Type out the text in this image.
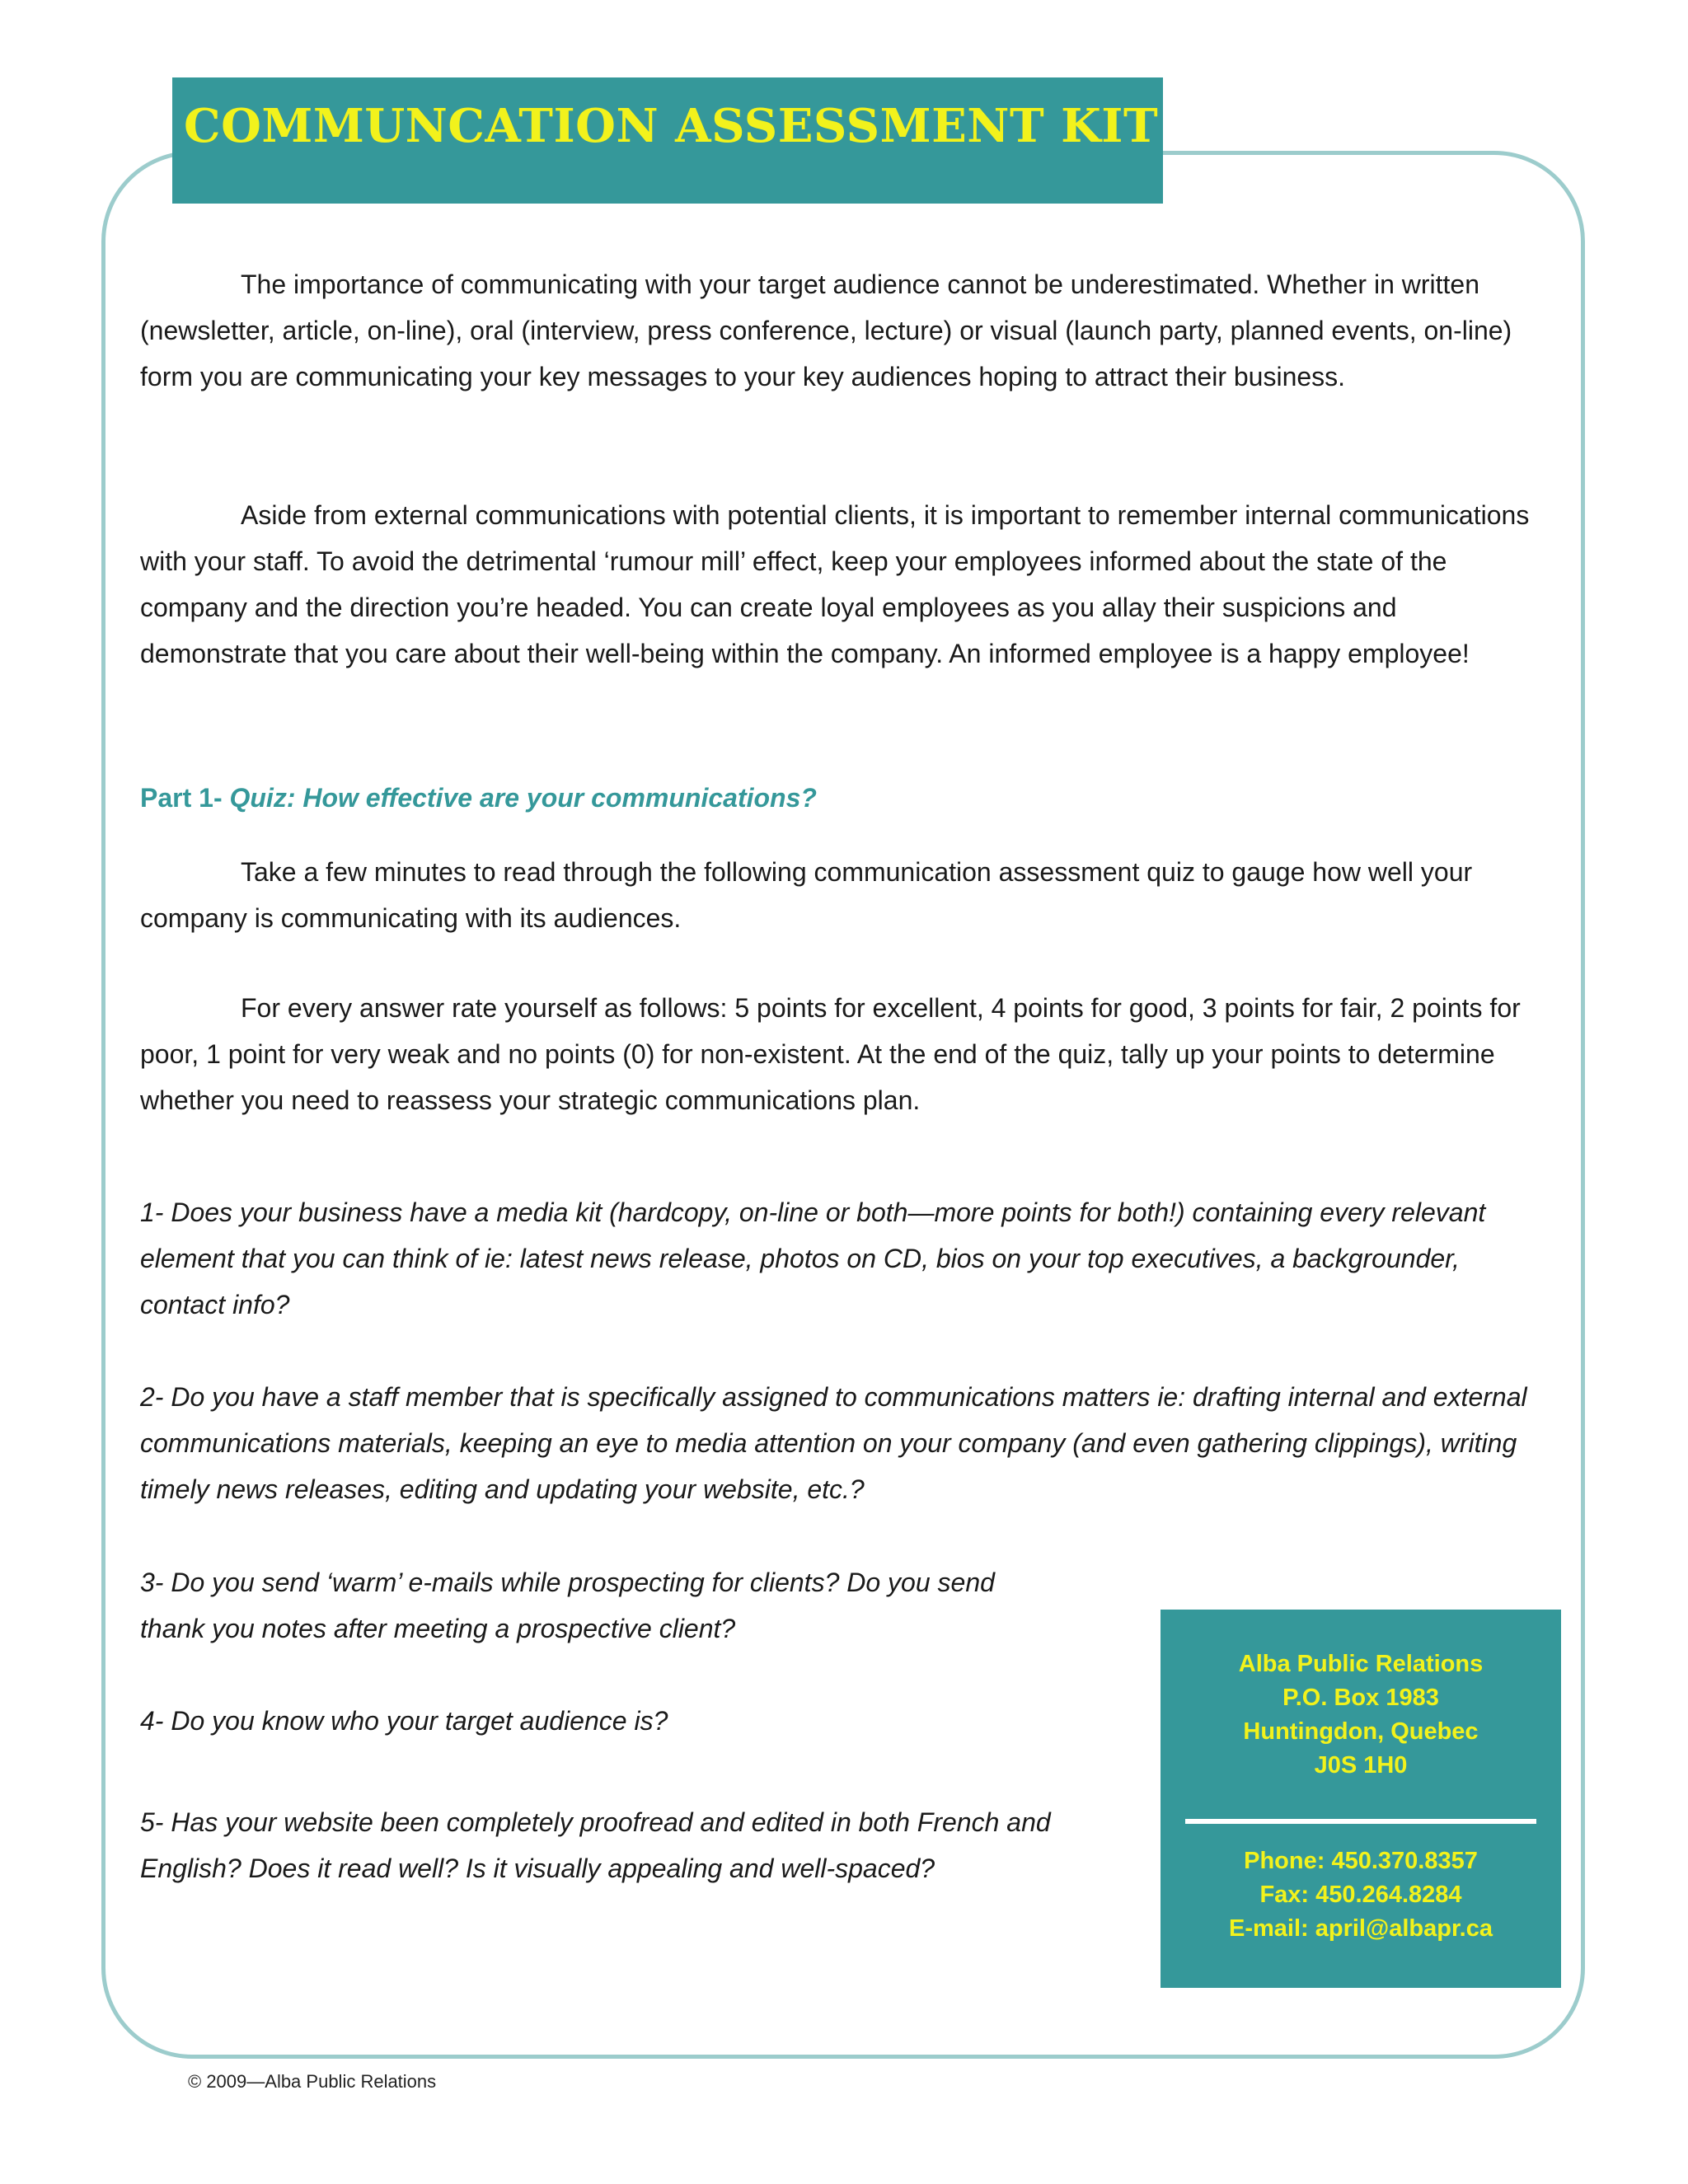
COMMUNCATION ASSESSMENT KIT

The importance of communicating with your target audience cannot be underestimated. Whether in written (newsletter, article, on-line), oral (interview, press conference, lecture) or visual (launch party, planned events, on-line) form you are communicating your key messages to your key audiences hoping to attract their business.

Aside from external communications with potential clients, it is important to remember internal communications with your staff. To avoid the detrimental ‘rumour mill’ effect, keep your employees informed about the state of the company and the direction you’re headed. You can create loyal employees as you allay their suspicions and demonstrate that you care about their well-being within the company. An informed employee is a happy employee!

Part 1- Quiz: How effective are your communications?

Take a few minutes to read through the following communication assessment quiz to gauge how well your company is communicating with its audiences.

For every answer rate yourself as follows: 5 points for excellent, 4 points for good, 3 points for fair, 2 points for poor, 1 point for very weak and no points (0) for non-existent. At the end of the quiz, tally up your points to determine whether you need to reassess your strategic communications plan.

1- Does your business have a media kit (hardcopy, on-line or both—more points for both!) containing every relevant element that you can think of ie: latest news release, photos on CD, bios on your top executives, a backgrounder, contact info?

2- Do you have a staff member that is specifically assigned to communications matters ie: drafting internal and external communications materials, keeping an eye to media attention on your company (and even gathering clippings), writing timely news releases, editing and updating your website, etc.?

3- Do you send ‘warm’ e-mails while prospecting for clients? Do you send thank you notes after meeting a prospective client?

4- Do you know who your target audience is?

5- Has your website been completely proofread and edited in both French and English? Does it read well? Is it visually appealing and well-spaced?

Alba Public Relations
P.O. Box 1983
Huntingdon, Quebec
J0S 1H0
Phone: 450.370.8357
Fax: 450.264.8284
E-mail: april@albapr.ca

© 2009—Alba Public Relations
